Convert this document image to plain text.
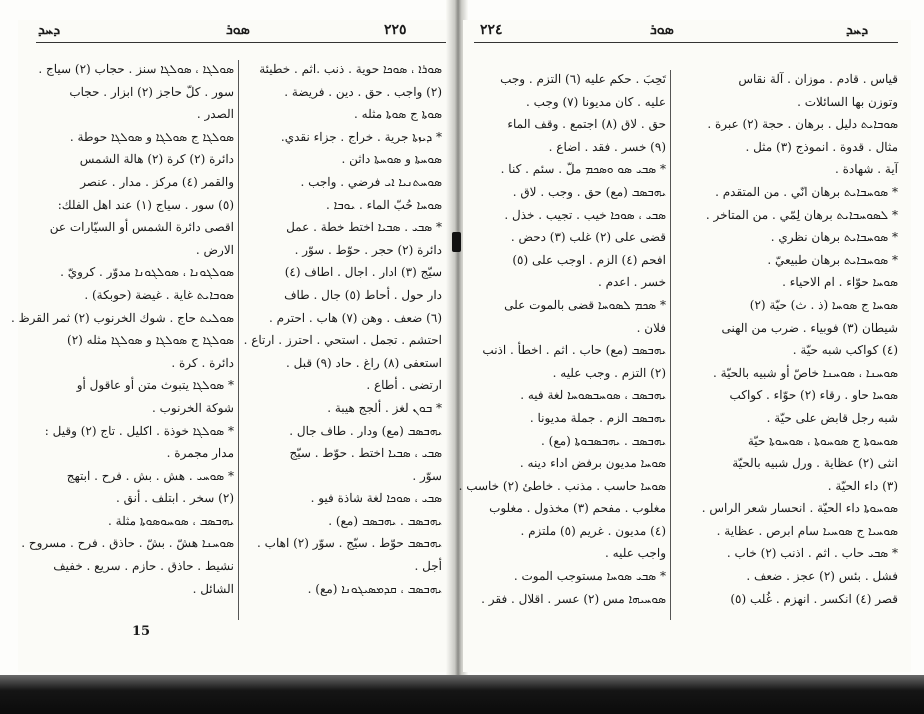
ܕܚܕ	ܣܘܪ	٢٢٥
ܣܘܪܐ ، ܣܘܟܐ حوية . ذنب .اثم . خطيئة
(٢) واجب . حق . دين . فريضة .
ܣܘܬܐ ج ܣܘܬܐ مثله .
* ܕܝܙܬܐ جرية . خراج . جزاء نقدي.
ܣܘܚܬܐ و ܣܘܚܬܐ داثن .
ܣܘܚܬܢܝܐ ܐܝ فرضي . واجب .
ܣܘܚܐ حُبّ الماء . ܝܘܒܐ .
* ܣܒܝ . ܣܒܝܐ اختط خطة . عمل
دائرة (٢) حجر . حوّط . سوّر .
سيّج (٣) ادار . اجال . اطاف (٤)
دار حول . أحاط (٥) جال . طاف
(٦) ضعف . وهن (٧) هاب . احترم .
احتشم . تجمل . استحي . احترز . ارتاع .
استعفى (٨) راغ . حاد (٩) قبل .
ارتضى . أطاع .
* ܒܘܢ لغز . ألجج هيبة .
ܝܗܒܣܒ (مع) ودار . طاف جال .
ܣܒܝ ، ܣܒܝܐ اختط . حوّط . سيّج
سوّر .
ܣܒܝ ، ܣܘܟܐ لغة شاذة فيو .
ܝܗܒܣܒ . ܝܗܒܣܒ (مع) .
ܝܗܒܣܒ حوّط . سيّج . سوّر (٢) اهاب .
أجل .
ܝܗܒܣܒ ، ܩܕܡܣܝܓܘܢܐ (مع) .
ܣܘܠܓܐ ، ܣܘܠܓܐ سنز . حجاب (٢) سياج .
سور . كلّ حاجز (٢) ابزار . حجاب
الصدر .
ܣܘܠܓܐ ج ܣܘܠܓܐ و ܣܘܠܓܐ حوطة .
دائرة (٢) كرة (٢) هالة الشمس
والقمر (٤) مركز . مدار . عنصر
(٥) سور . سياج (١) عند اهل الفلك:
اقصى دائرة الشمس أو السيّارات عن
الارض .
ܣܘܠܓܘܢܐ ، ܣܘܠܓܘܢܐ مدوّر . كرويّ .
ܣܘܒܐܝܬ غاية . غيضة (حوبكة) .
ܣܘܠܝܬ حاج . شوك الخرنوب (٢) ثمر القرظ .
ܣܘܠܓܐ ج ܣܘܠܓܐ و ܣܘܠܓܐ مثله (٢)
دائرة . كرة .
* ܣܘܠܓܐ يتبوث متن أو عاقول أو
شوكة الخرنوب .
* ܣܘܠܓܐ خوذة . اكليل . تاج (٢) وقيل :
مدار مجمرة .
* ܣܘܚܝ . هش . بش . فرح . ابتهج
(٢) سخر . ابتلف . أنق .
ܝܗܒܣܒ ، ܣܘܚܘܣܘܬܐ مثلة .
ܣܘܚܢܐ هشّ . بشّ . حاذق . فرح . مسروح .
نشيط . حاذق . حازم . سريع . خفيف
الشائل .
15
٢٢٤	ܣܘܪ	ܕܚܕ
تَحِبَ . حكم عليه (٦) التزم . وجب
عليه . كان مديونا (٧) وجب .
حق . لاق (٨) اجتمع . وقف الماء
(٩) خسر . فقد . اضاع .
* ܣܒܝ ܣܘ ܘܣܟܡ ملّ . سئم . كنا .
ܝܗܒܣܒ (مع) حق . وجب . لاق .
ܣܒܝ ، ܣܘܟܐ خيب . تجيب . خذل .
قضى على (٢) غلب (٣) دحض .
افحم (٤) الزم . اوجب على (٥)
خسر . اعدم .
* ܣܟܡ ܠܣܘܚܐ قضى بالموت على
فلان .
ܝܗܒܣܒ (مع) حاب . اثم . اخطأ . اذنب
(٢) التزم . وجب عليه .
ܝܗܒܣܒ ، ܣܘܚܒܣܘܚܐ لغة فيه .
ܝܗܒܣܒ الزم . جملة مديونا .
ܝܗܒܣܒ . ܝܗܒܣܒܘܬܐ (مع) .
ܣܘܚܐ مديون برفض اداء دينه .
ܣܘܚܐ حاسب . مذنب . خاطئ (٢) خاسب .
مغلوب . مفحم (٣) مخذول . مغلوب
(٤) مديون . غريم (٥) ملتزم .
واجب عليه .
* ܣܒܝ ܣܘܚܐ مستوجب الموت .
ܣܘܚܝܗܐ مس (٢) عسر . اقلال . فقر .
قياس . قادم . موزان . آلة نقاس
وتوزن بها السائلات .
ܣܘܒܐܝܬ دليل . برهان . حجة (٢) عبرة .
مثال . قدوة . انموذج (٣) مثل .
آية . شهادة .
* ܣܘܚܒܐܝܬ برهان انّي . من المتقدم .
* ܠܣܘܚܒܐܝܬ برهان لِمّي . من المتاخر .
* ܣܘܚܒܐܝܬ برهان نظري .
* ܣܘܚܒܐܝܬ برهان طبيعيّ .
ܣܘܚܐ حوّاء . ام الاحياء .
ܣܘܚܐ ج ܣܘܚܐ (ذ . ث) حيّة (٢)
شيطان (٣) فوبياء . ضرب من الهنى
(٤) كواكب شبه حيّة .
ܣܘܚܢܐ ، ܣܘܚܢܐ خاصّ أو شبيه بالحيّة .
ܣܘܚܐ حاو . رقاء (٢) حوّاء . كواكب
شبه رجل قابض على حيّة .
ܣܘܚܘܬܐ ج ܣܘܚܘܬܐ ، ܣܘܚܘܬܐ حيّة
انثى (٢) عظاية . ورل شبيه بالحيّة
(٣) داء الحيّة .
ܣܘܚܘܬܐ داء الحيّة . انحسار شعر الراس .
ܣܘܚܝܐ ج ܣܘܚܝܐ سام ابرص . عظاية .
* ܣܒܝ حاب . اثم . اذنب (٢) خاب .
فشل . بئس (٢) عجز . ضعف .
قصر (٤) انكسر . انهزم . غُلب (٥)
